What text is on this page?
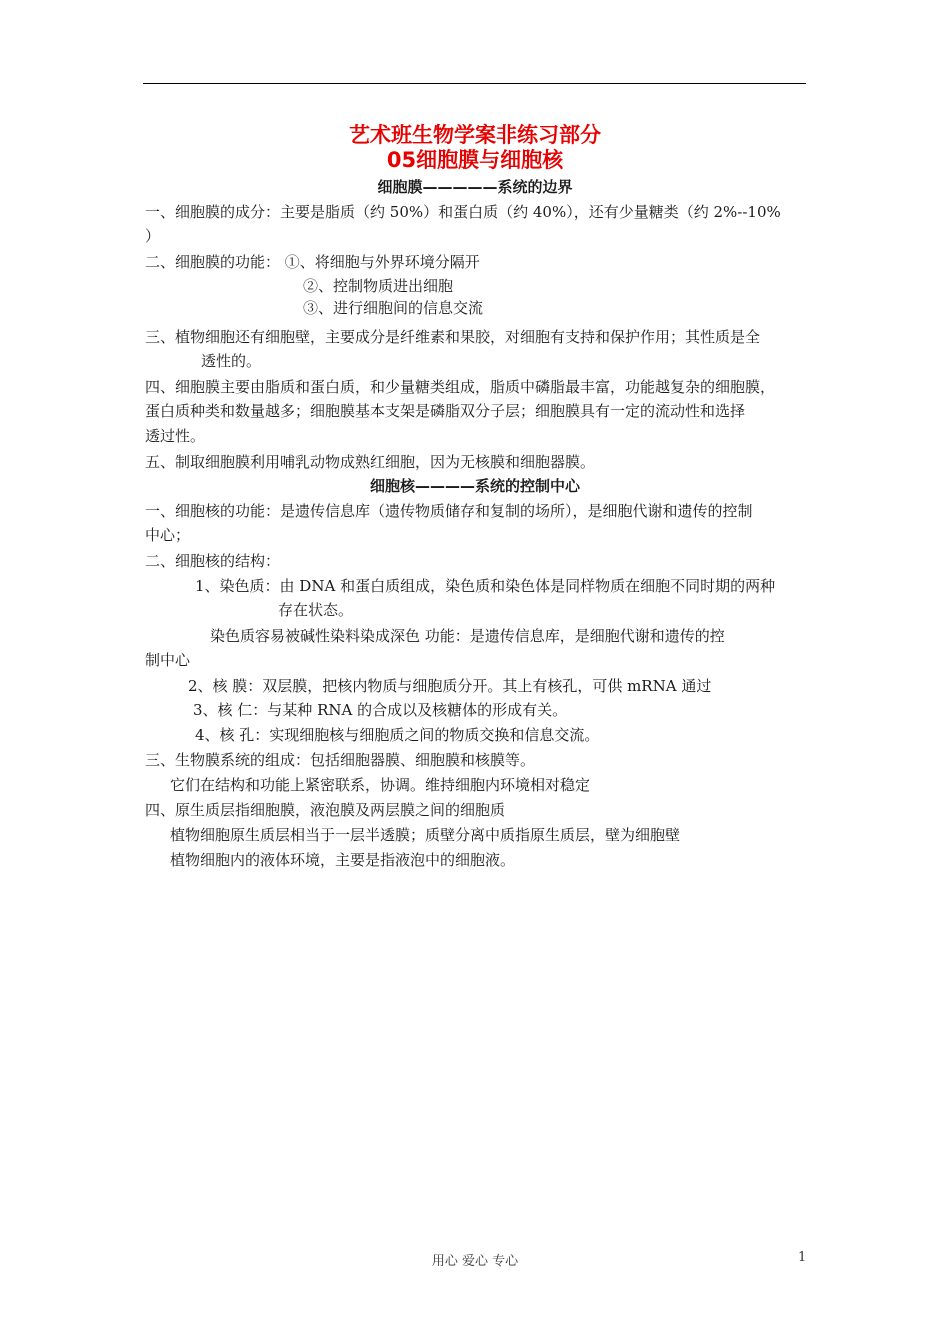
艺术班生物学案非练习部分
05细胞膜与细胞核
细胞膜—————系统的边界
一、细胞膜的成分：主要是脂质（约 50%）和蛋白质（约 40%），还有少量糖类（约 2%--10%
）
二、细胞膜的功能： ①、将细胞与外界环境分隔开
②、控制物质进出细胞
③、进行细胞间的信息交流
三、植物细胞还有细胞壁，主要成分是纤维素和果胶，对细胞有支持和保护作用；其性质是全
透性的。
四、细胞膜主要由脂质和蛋白质，和少量糖类组成，脂质中磷脂最丰富，功能越复杂的细胞膜，
蛋白质种类和数量越多；细胞膜基本支架是磷脂双分子层；细胞膜具有一定的流动性和选择
透过性。
五、制取细胞膜利用哺乳动物成熟红细胞，因为无核膜和细胞器膜。
细胞核————系统的控制中心
一、细胞核的功能：是遗传信息库（遗传物质储存和复制的场所），是细胞代谢和遗传的控制
中心；
二、细胞核的结构：
1、染色质：由 DNA 和蛋白质组成，染色质和染色体是同样物质在细胞不同时期的两种
存在状态。
染色质容易被碱性染料染成深色 功能：是遗传信息库，是细胞代谢和遗传的控
制中心
2、核 膜：双层膜，把核内物质与细胞质分开。其上有核孔，可供 mRNA 通过
3、核 仁：与某种 RNA 的合成以及核糖体的形成有关。
4、核 孔：实现细胞核与细胞质之间的物质交换和信息交流。
三、生物膜系统的组成：包括细胞器膜、细胞膜和核膜等。
它们在结构和功能上紧密联系，协调。维持细胞内环境相对稳定
四、原生质层指细胞膜，液泡膜及两层膜之间的细胞质
植物细胞原生质层相当于一层半透膜；质壁分离中质指原生质层，壁为细胞壁
植物细胞内的液体环境，主要是指液泡中的细胞液。
用心 爱心 专心	1
